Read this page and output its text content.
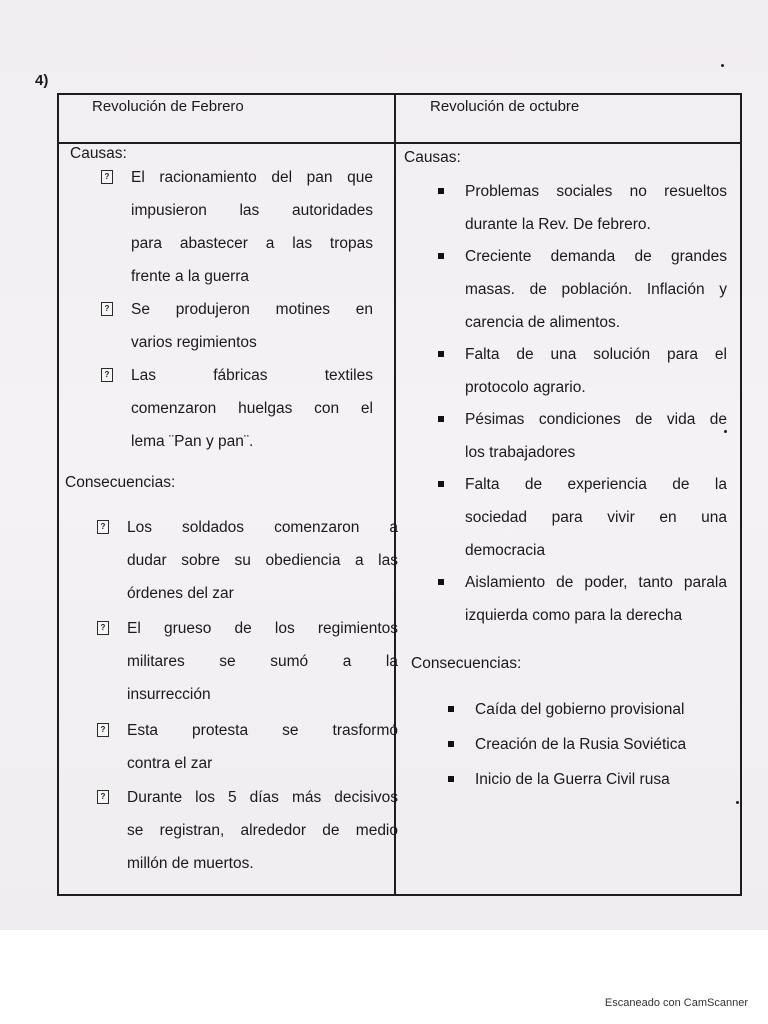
4)
Revolución de Febrero	Revolución de octubre
Causas:
El racionamiento del pan que
impusieron las autoridades
para abastecer a las tropas
frente a la guerra
?
Se produjeron motines en
varios regimientos
?
Las fábricas textiles
comenzaron huelgas con el
lema ¨Pan y pan¨.
?
Consecuencias:
Los soldados comenzaron a
dudar sobre su obediencia a las
órdenes del zar
?
El grueso de los regimientos
militares se sumó a la
insurrección
?
Esta protesta se trasformó
contra el zar
?
Durante los 5 días más decisivos
se registran, alrededor de medio
millón de muertos.
?
Causas:
Problemas sociales no resueltos
durante la Rev. De febrero.
Creciente demanda de grandes
masas. de población. Inflación y
carencia de alimentos.
Falta de una solución para el
protocolo agrario.
Pésimas condiciones de vida de
los trabajadores
Falta de experiencia de la
sociedad para vivir en una
democracia
Aislamiento de poder, tanto parala
izquierda como para la derecha
Consecuencias:
Caída del gobierno provisional
Creación de la Rusia Soviética
Inicio de la Guerra Civil rusa
Escaneado con CamScanner
